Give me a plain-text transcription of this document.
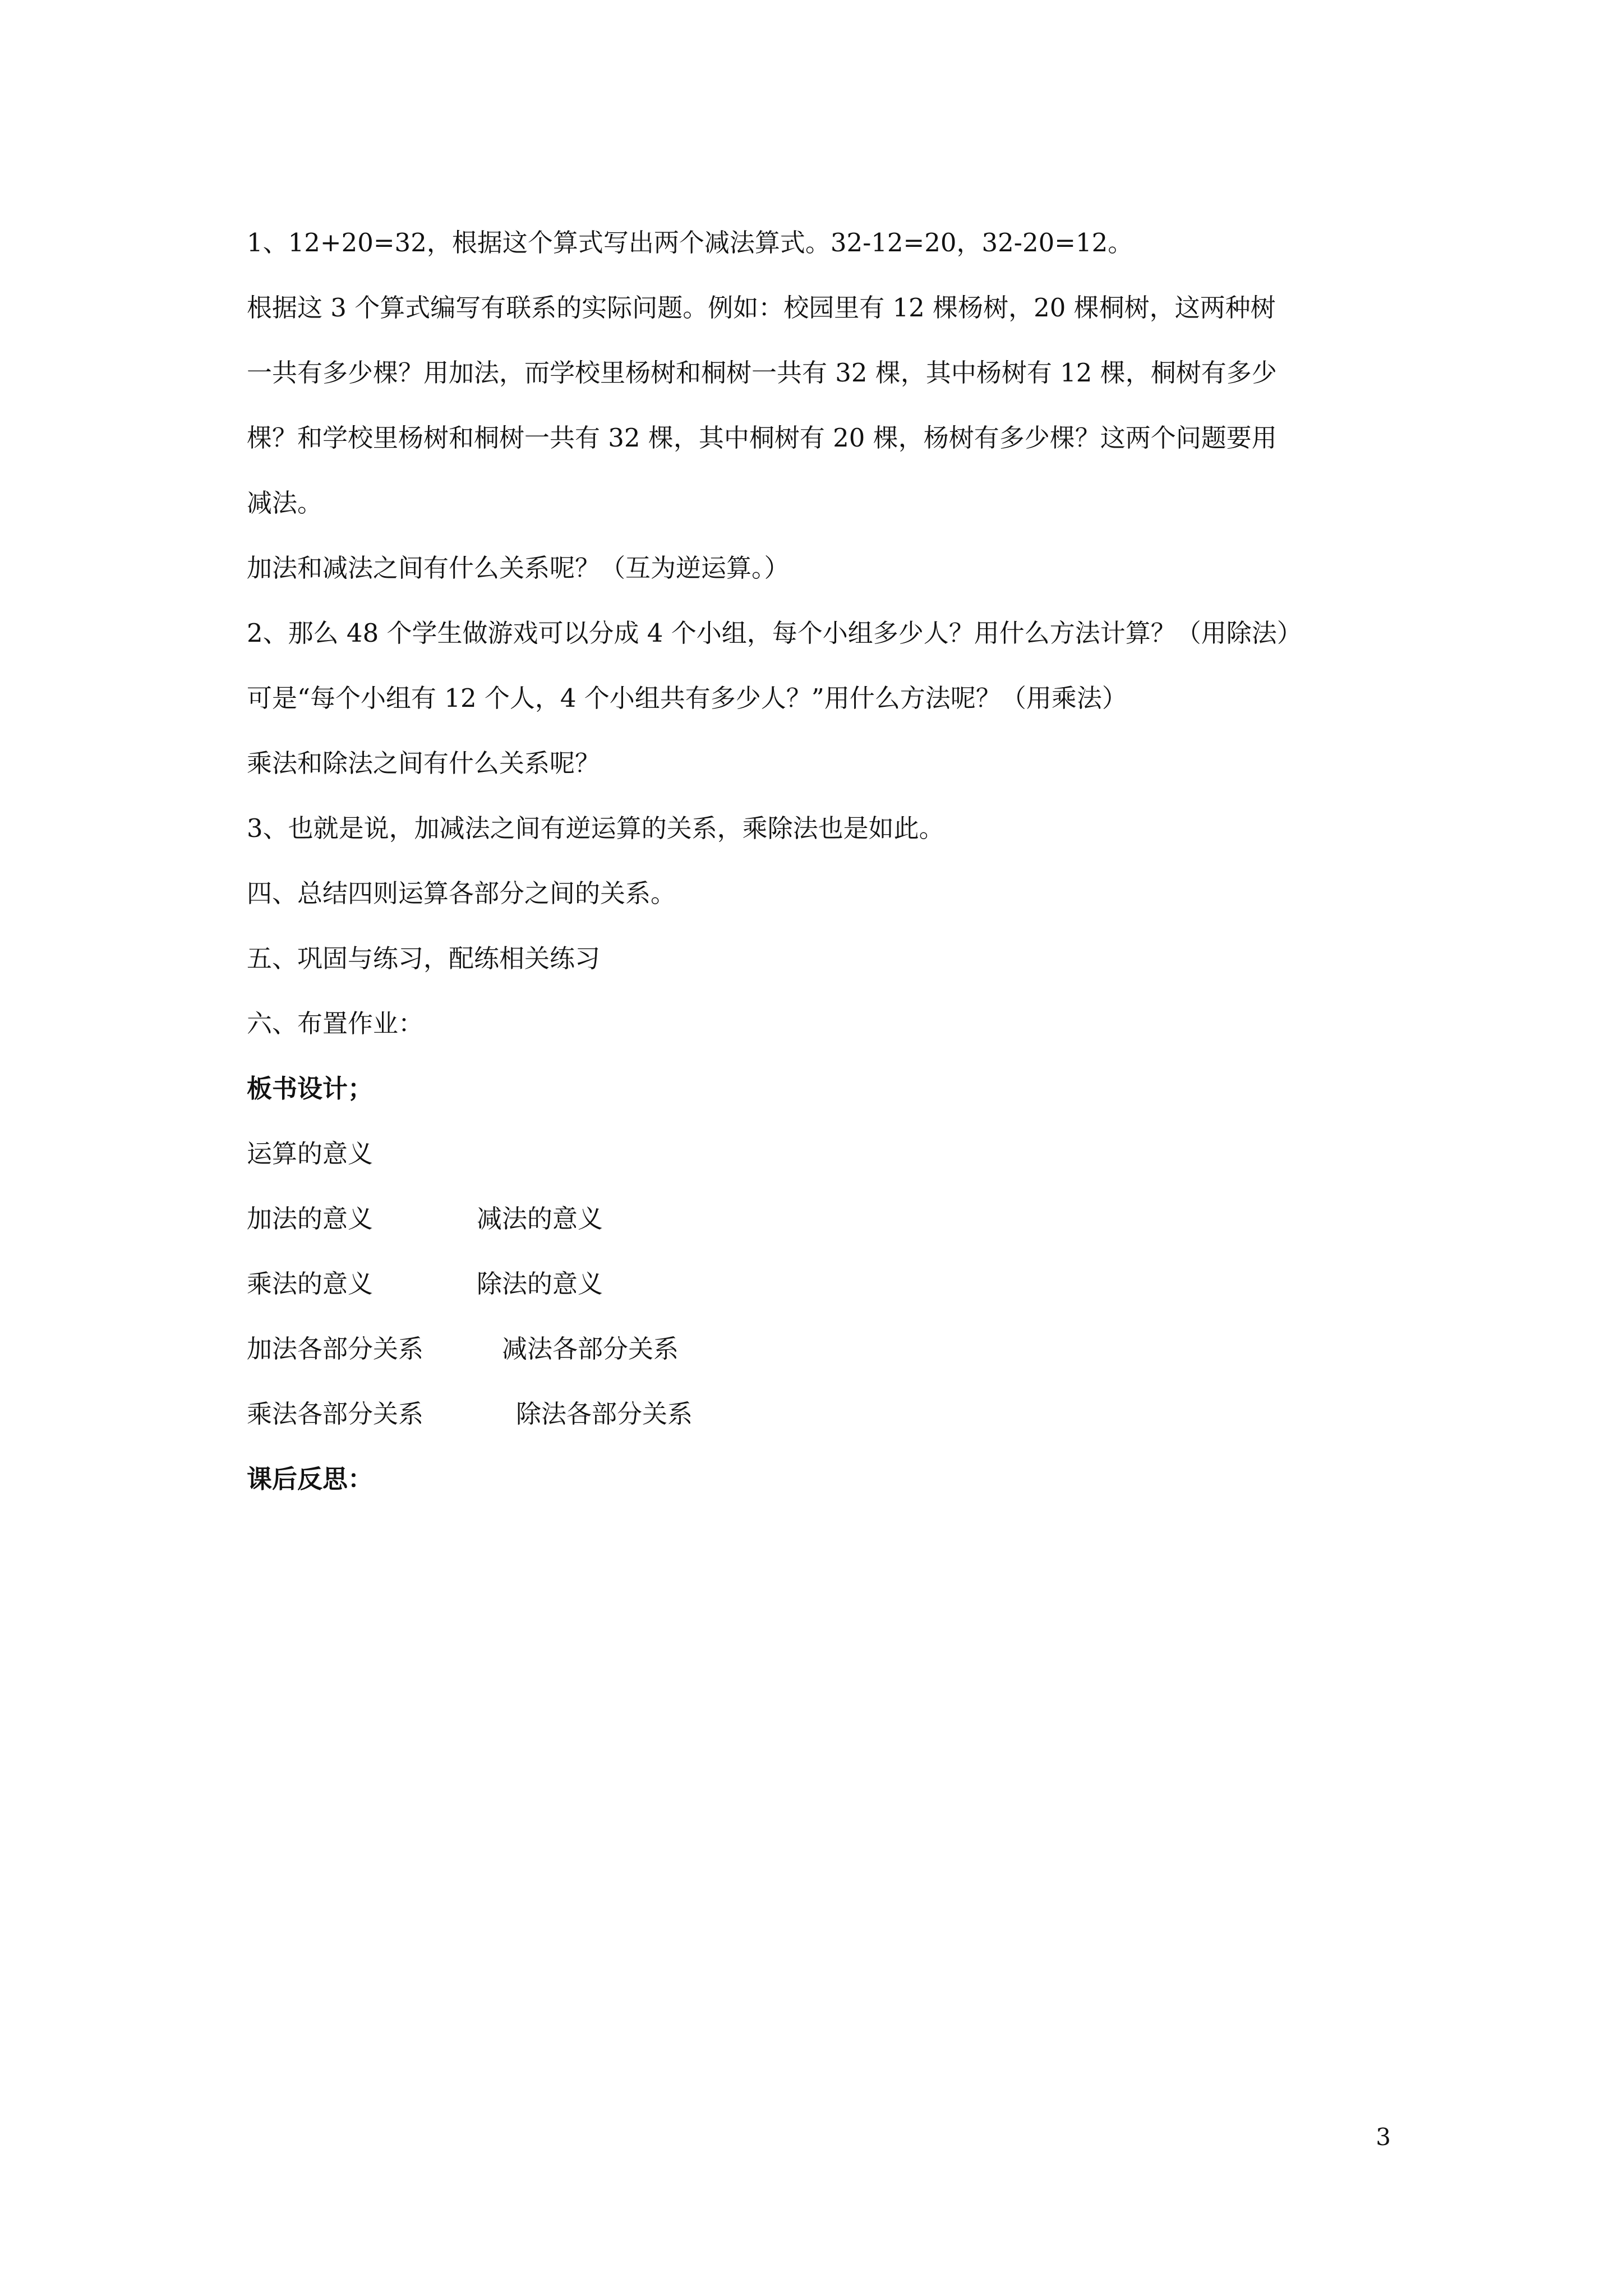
1、12+20=32，根据这个算式写出两个减法算式。32-12=20，32-20=12。
根据这 3 个算式编写有联系的实际问题。例如：校园里有 12 棵杨树，20 棵桐树，这两种树
一共有多少棵？用加法，而学校里杨树和桐树一共有 32 棵，其中杨树有 12 棵，桐树有多少
棵？和学校里杨树和桐树一共有 32 棵，其中桐树有 20 棵，杨树有多少棵？这两个问题要用
减法。
加法和减法之间有什么关系呢？（互为逆运算。）
2、那么 48 个学生做游戏可以分成 4 个小组，每个小组多少人？用什么方法计算？（用除法）
可是“每个小组有 12 个人，4 个小组共有多少人？”用什么方法呢？（用乘法）
乘法和除法之间有什么关系呢？
3、也就是说，加减法之间有逆运算的关系，乘除法也是如此。
四、总结四则运算各部分之间的关系。
五、巩固与练习，配练相关练习
六、布置作业：
板书设计；
运算的意义
加法的意义	减法的意义
乘法的意义	除法的意义
加法各部分关系	减法各部分关系
乘法各部分关系	除法各部分关系
课后反思：
3
